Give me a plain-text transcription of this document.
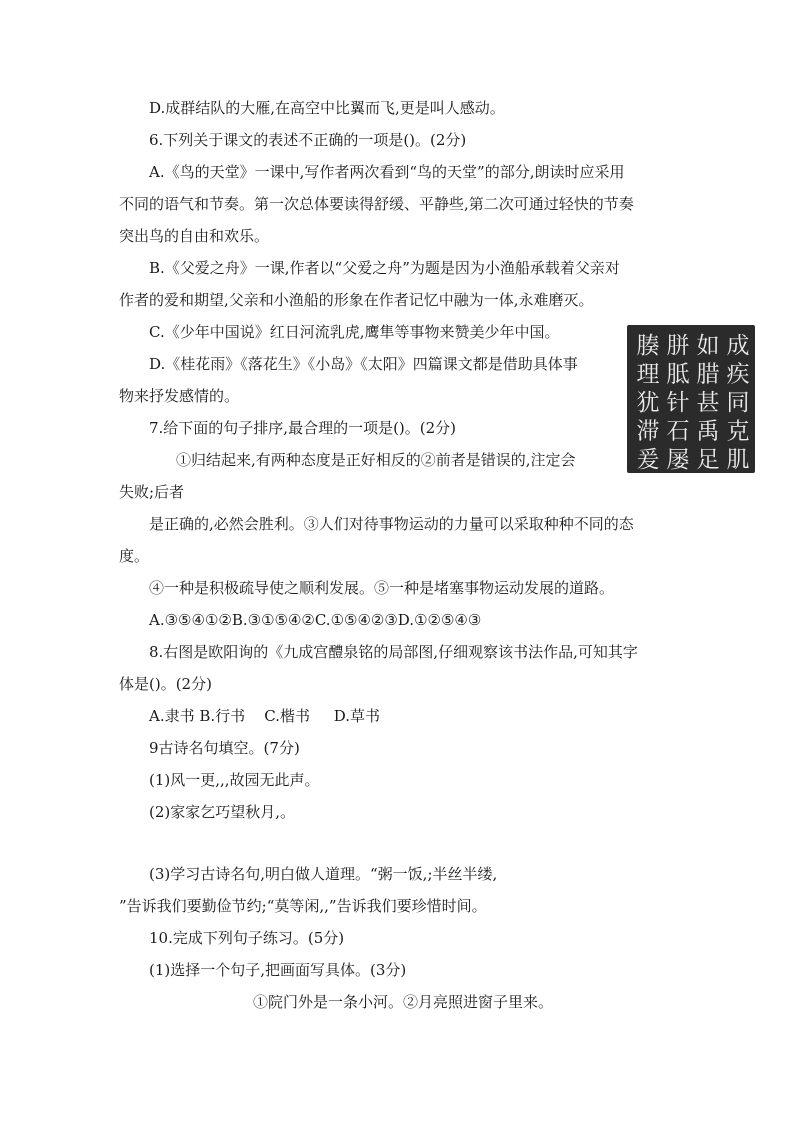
D.成群结队的大雁,在高空中比翼而飞,更是叫人感动。
6.下列关于课文的表述不正确的一项是()。(2分)
A.《鸟的天堂》一课中,写作者两次看到“鸟的天堂”的部分,朗读时应采用
不同的语气和节奏。第一次总体要读得舒缓、平静些,第二次可通过轻快的节奏
突出鸟的自由和欢乐。
B.《父爱之舟》一课,作者以“父爱之舟”为题是因为小渔船承载着父亲对
作者的爱和期望,父亲和小渔船的形象在作者记忆中融为一体,永难磨灭。
C.《少年中国说》红日河流乳虎,鹰隼等事物来赞美少年中国。
D.《桂花雨》《落花生》《小岛》《太阳》四篇课文都是借助具体事
物来抒发感情的。
7.给下面的句子排序,最合理的一项是()。(2分)
①归结起来,有两种态度是正好相反的②前者是错误的,注定会
失败;后者
是正确的,必然会胜利。③人们对待事物运动的力量可以采取种种不同的态
度。
④一种是积极疏导使之顺利发展。⑤一种是堵塞事物运动发展的道路。
A.③⑤④①②B.③①⑤④②C.①⑤④②③D.①②⑤④③
8.右图是欧阳询的《九成宫醴泉铭的局部图,仔细观察该书法作品,可知其字
体是()。(2分)
A.隶书 B.行书    C.楷书     D.草书
9古诗名句填空。(7分)
(1)风一更,,,故园无此声。
(2)家家乞巧望秋月,。
(3)学习古诗名句,明白做人道理。“粥一饭,;半丝半缕,
”告诉我们要勤俭节约;“莫等闲,,”告诉我们要珍惜时间。
10.完成下列句子练习。(5分)
(1)选择一个句子,把画面写具体。(3分)
①院门外是一条小河。②月亮照进窗子里来。
成
疾
同
克
肌
如
腊
甚
禹
足
胼
胝
针
石
屡
腠
理
犹
滞
爰
